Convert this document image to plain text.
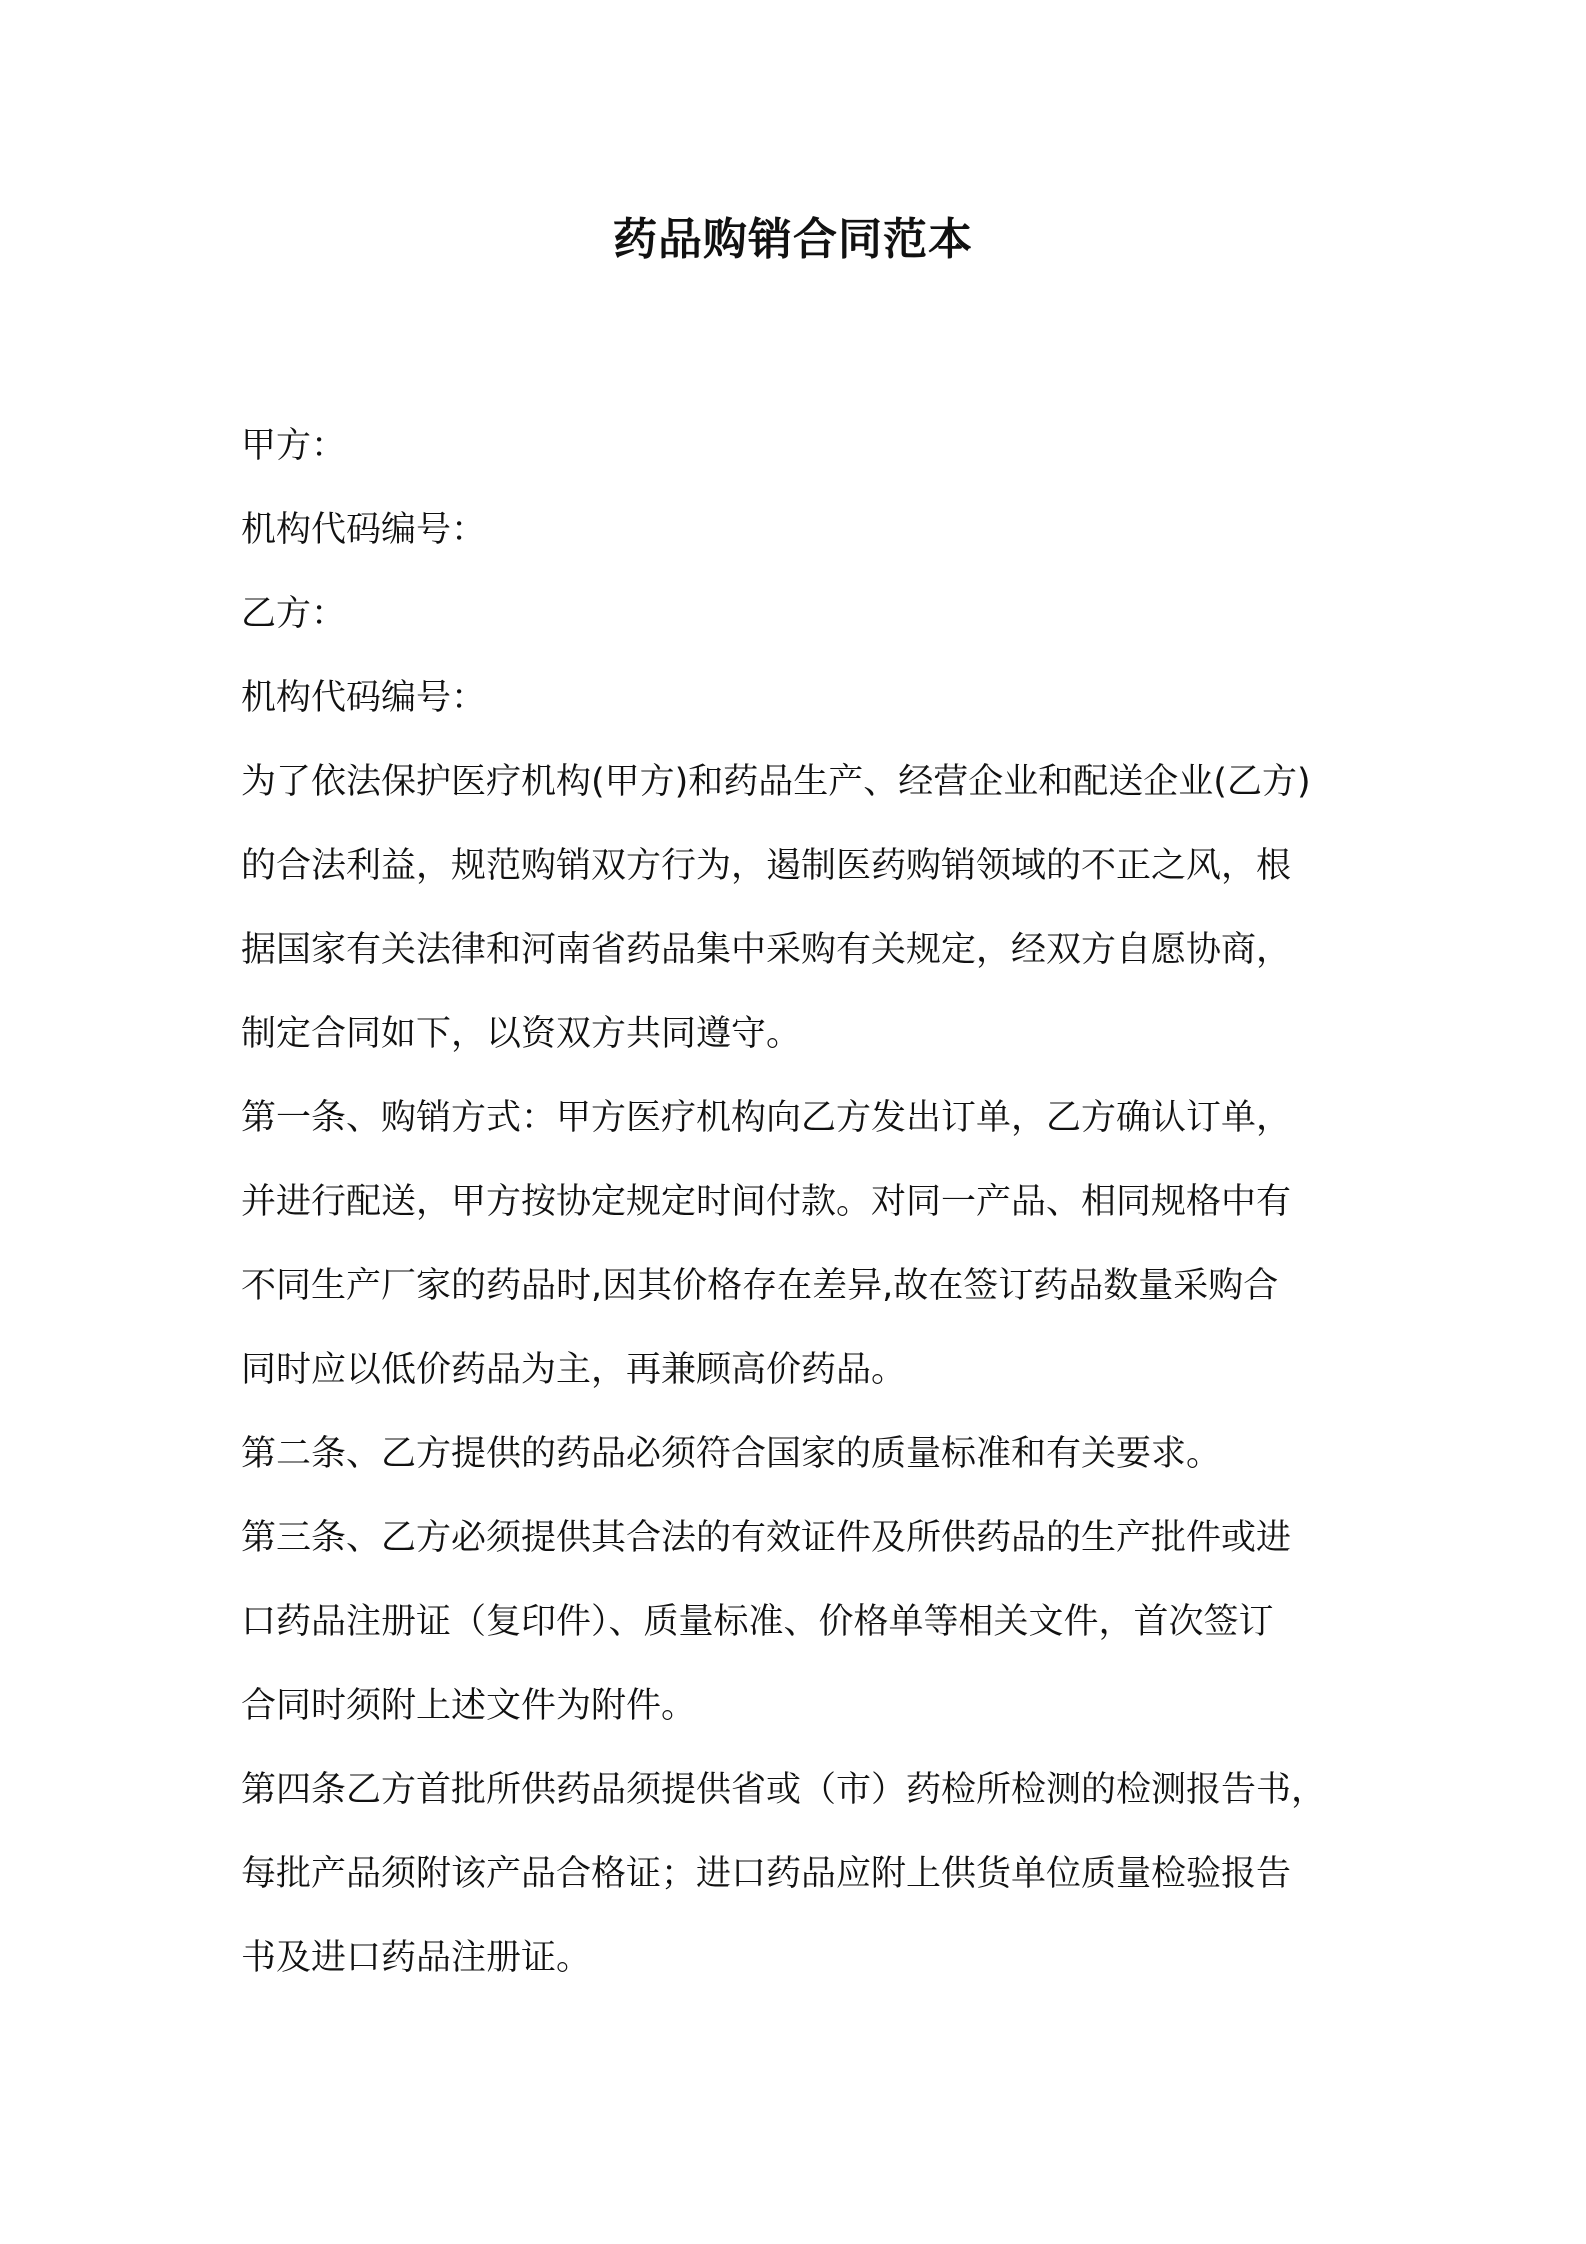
药品购销合同范本
甲方：
机构代码编号：
乙方：
机构代码编号：
为了依法保护医疗机构(甲方)和药品生产、经营企业和配送企业(乙方)
的合法利益，规范购销双方行为，遏制医药购销领域的不正之风，根
据国家有关法律和河南省药品集中采购有关规定，经双方自愿协商，
制定合同如下，以资双方共同遵守。
第一条、购销方式：甲方医疗机构向乙方发出订单，乙方确认订单，
并进行配送，甲方按协定规定时间付款。对同一产品、相同规格中有
不同生产厂家的药品时,因其价格存在差异,故在签订药品数量采购合
同时应以低价药品为主，再兼顾高价药品。
第二条、乙方提供的药品必须符合国家的质量标准和有关要求。
第三条、乙方必须提供其合法的有效证件及所供药品的生产批件或进
口药品注册证（复印件）、质量标准、价格单等相关文件，首次签订
合同时须附上述文件为附件。
第四条乙方首批所供药品须提供省或（市）药检所检测的检测报告书，
每批产品须附该产品合格证；进口药品应附上供货单位质量检验报告
书及进口药品注册证。
